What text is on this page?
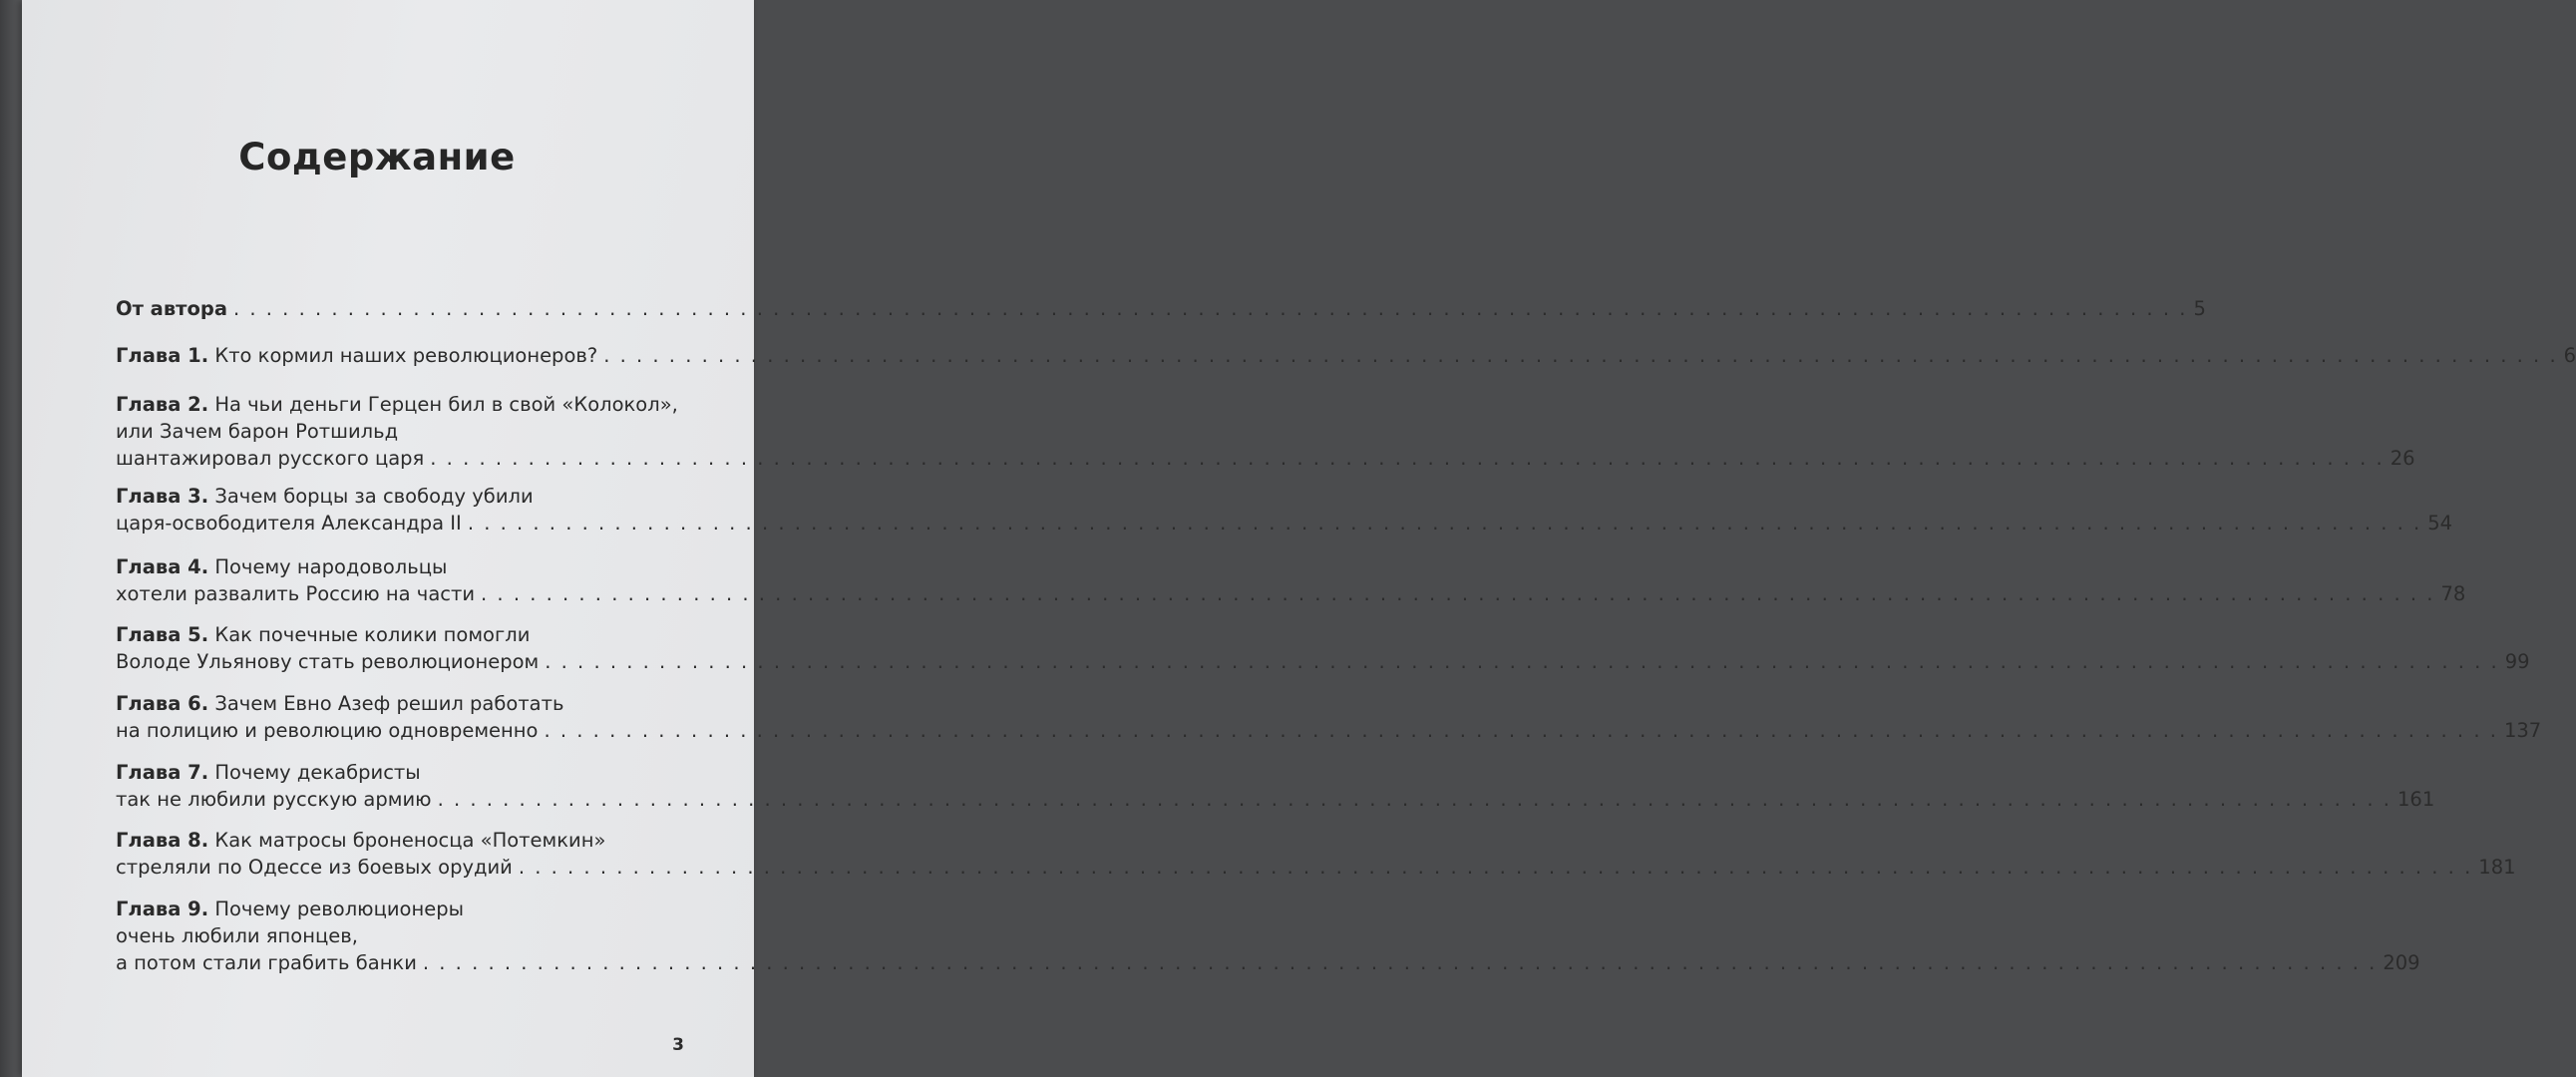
Содержание
От автора . . . . . . . . . . . . . . . . . . . . . . . . . . . . . . . . . . . . . . . . . . . . . . . . . . . . . . . . . . . . . . . . . . . . . . . . . . . . . . . . . . . . . . . . . . . . . . . . . . . . . . . . . . . . . . . . . . . . . . . . 5
Глава 1. Кто кормил наших революционеров? . . . . . . . . . . . . . . . . . . . . . . . . . . . . . . . . . . . . . . . . . . . . . . . . . . . . . . . . . . . . . . . . . . . . . . . . . . . . . . . . . . . . . . . . . . . . . . . . . . . . . . . . . . . . . . . . . . . . . . . . 6
Глава 2. На чьи деньги Герцен бил в свой «Колокол»,
или Зачем барон Ротшильд
шантажировал русского царя . . . . . . . . . . . . . . . . . . . . . . . . . . . . . . . . . . . . . . . . . . . . . . . . . . . . . . . . . . . . . . . . . . . . . . . . . . . . . . . . . . . . . . . . . . . . . . . . . . . . . . . . . . . . . . . . . . . . . . . . 26
Глава 3. Зачем борцы за свободу убили
царя-освободителя Александра II . . . . . . . . . . . . . . . . . . . . . . . . . . . . . . . . . . . . . . . . . . . . . . . . . . . . . . . . . . . . . . . . . . . . . . . . . . . . . . . . . . . . . . . . . . . . . . . . . . . . . . . . . . . . . . . . . . . . . . . . 54
Глава 4. Почему народовольцы
хотели развалить Россию на части . . . . . . . . . . . . . . . . . . . . . . . . . . . . . . . . . . . . . . . . . . . . . . . . . . . . . . . . . . . . . . . . . . . . . . . . . . . . . . . . . . . . . . . . . . . . . . . . . . . . . . . . . . . . . . . . . . . . . . . . 78
Глава 5. Как почечные колики помогли
Володе Ульянову стать революционером . . . . . . . . . . . . . . . . . . . . . . . . . . . . . . . . . . . . . . . . . . . . . . . . . . . . . . . . . . . . . . . . . . . . . . . . . . . . . . . . . . . . . . . . . . . . . . . . . . . . . . . . . . . . . . . . . . . . . . . . 99
Глава 6. Зачем Евно Азеф решил работать
на полицию и революцию одновременно . . . . . . . . . . . . . . . . . . . . . . . . . . . . . . . . . . . . . . . . . . . . . . . . . . . . . . . . . . . . . . . . . . . . . . . . . . . . . . . . . . . . . . . . . . . . . . . . . . . . . . . . . . . . . . . . . . . . . . . . 137
Глава 7. Почему декабристы
так не любили русскую армию . . . . . . . . . . . . . . . . . . . . . . . . . . . . . . . . . . . . . . . . . . . . . . . . . . . . . . . . . . . . . . . . . . . . . . . . . . . . . . . . . . . . . . . . . . . . . . . . . . . . . . . . . . . . . . . . . . . . . . . . 161
Глава 8. Как матросы броненосца «Потемкин»
стреляли по Одессе из боевых орудий . . . . . . . . . . . . . . . . . . . . . . . . . . . . . . . . . . . . . . . . . . . . . . . . . . . . . . . . . . . . . . . . . . . . . . . . . . . . . . . . . . . . . . . . . . . . . . . . . . . . . . . . . . . . . . . . . . . . . . . . 181
Глава 9. Почему революционеры
очень любили японцев,
а потом стали грабить банки . . . . . . . . . . . . . . . . . . . . . . . . . . . . . . . . . . . . . . . . . . . . . . . . . . . . . . . . . . . . . . . . . . . . . . . . . . . . . . . . . . . . . . . . . . . . . . . . . . . . . . . . . . . . . . . . . . . . . . . . 209
3
